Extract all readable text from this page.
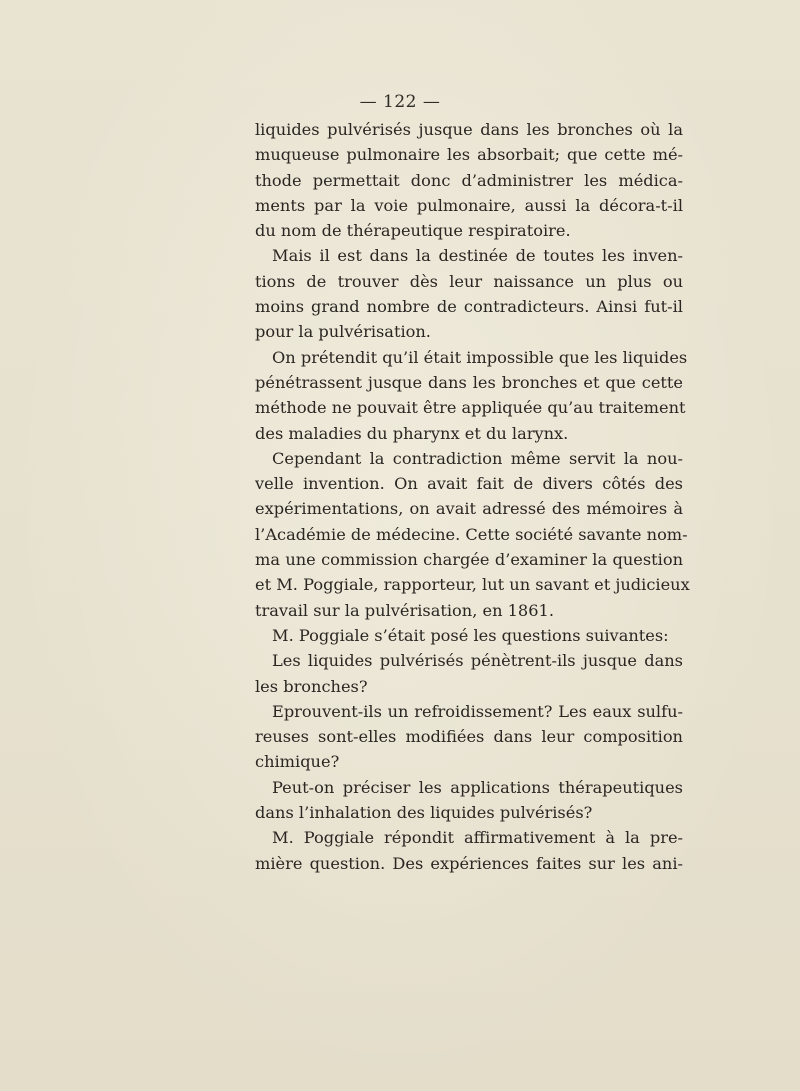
— 122 —
liquides pulvérisés jusque dans les bronches où la
muqueuse pulmonaire les absorbait; que cette mé-
thode permettait donc d’administrer les médica-
ments par la voie pulmonaire, aussi la décora-t-il
du nom de thérapeutique respiratoire.
Mais il est dans la destinée de toutes les inven-
tions de trouver dès leur naissance un plus ou
moins grand nombre de contradicteurs. Ainsi fut-il
pour la pulvérisation.
On prétendit qu’il était impossible que les liquides
pénétrassent jusque dans les bronches et que cette
méthode ne pouvait être appliquée qu’au traitement
des maladies du pharynx et du larynx.
Cependant la contradiction même servit la nou-
velle invention. On avait fait de divers côtés des
expérimentations, on avait adressé des mémoires à
l’Académie de médecine. Cette société savante nom-
ma une commission chargée d’examiner la question
et M. Poggiale, rapporteur, lut un savant et judicieux
travail sur la pulvérisation, en 1861.
M. Poggiale s’était posé les questions suivantes:
Les liquides pulvérisés pénètrent-ils jusque dans
les bronches?
Eprouvent-ils un refroidissement? Les eaux sulfu-
reuses sont-elles modifiées dans leur composition
chimique?
Peut-on préciser les applications thérapeutiques
dans l’inhalation des liquides pulvérisés?
M. Poggiale répondit affirmativement à la pre-
mière question. Des expériences faites sur les ani-
